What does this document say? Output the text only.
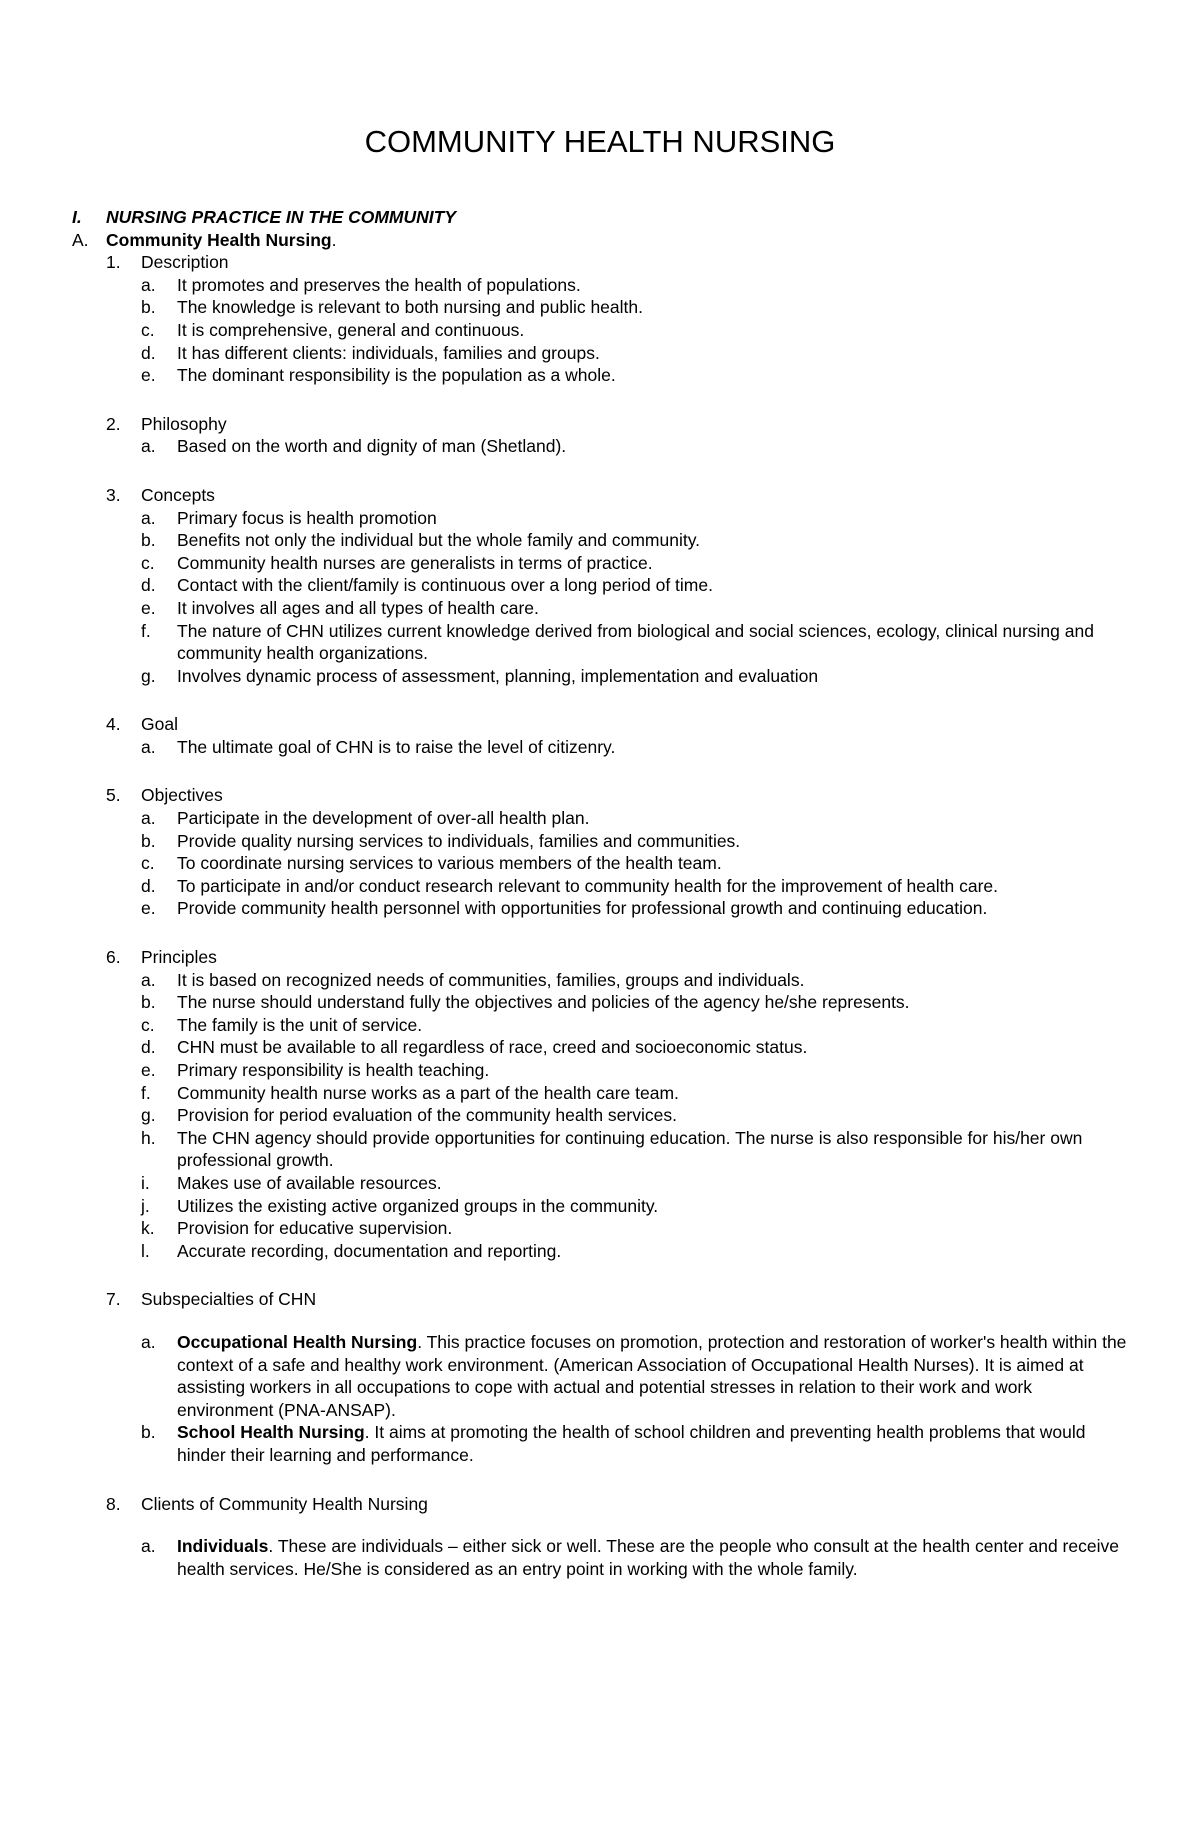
COMMUNITY HEALTH NURSING
I. NURSING PRACTICE IN THE COMMUNITY
A. Community Health Nursing.
1. Description
a. It promotes and preserves the health of populations.
b. The knowledge is relevant to both nursing and public health.
c. It is comprehensive, general and continuous.
d. It has different clients: individuals, families and groups.
e. The dominant responsibility is the population as a whole.
2. Philosophy
a. Based on the worth and dignity of man (Shetland).
3. Concepts
a. Primary focus is health promotion
b. Benefits not only the individual but the whole family and community.
c. Community health nurses are generalists in terms of practice.
d. Contact with the client/family is continuous over a long period of time.
e. It involves all ages and all types of health care.
f. The nature of CHN utilizes current knowledge derived from biological and social sciences, ecology, clinical nursing and community health organizations.
g. Involves dynamic process of assessment, planning, implementation and evaluation
4. Goal
a. The ultimate goal of CHN is to raise the level of citizenry.
5. Objectives
a. Participate in the development of over-all health plan.
b. Provide quality nursing services to individuals, families and communities.
c. To coordinate nursing services to various members of the health team.
d. To participate in and/or conduct research relevant to community health for the improvement of health care.
e. Provide community health personnel with opportunities for professional growth and continuing education.
6. Principles
a. It is based on recognized needs of communities, families, groups and individuals.
b. The nurse should understand fully the objectives and policies of the agency he/she represents.
c. The family is the unit of service.
d. CHN must be available to all regardless of race, creed and socioeconomic status.
e. Primary responsibility is health teaching.
f. Community health nurse works as a part of the health care team.
g. Provision for period evaluation of the community health services.
h. The CHN agency should provide opportunities for continuing education. The nurse is also responsible for his/her own professional growth.
i. Makes use of available resources.
j. Utilizes the existing active organized groups in the community.
k. Provision for educative supervision.
l. Accurate recording, documentation and reporting.
7. Subspecialties of CHN
a. Occupational Health Nursing. This practice focuses on promotion, protection and restoration of worker's health within the context of a safe and healthy work environment. (American Association of Occupational Health Nurses). It is aimed at assisting workers in all occupations to cope with actual and potential stresses in relation to their work and work environment (PNA-ANSAP).
b. School Health Nursing. It aims at promoting the health of school children and preventing health problems that would hinder their learning and performance.
8. Clients of Community Health Nursing
a. Individuals. These are individuals – either sick or well. These are the people who consult at the health center and receive health services. He/She is considered as an entry point in working with the whole family.
